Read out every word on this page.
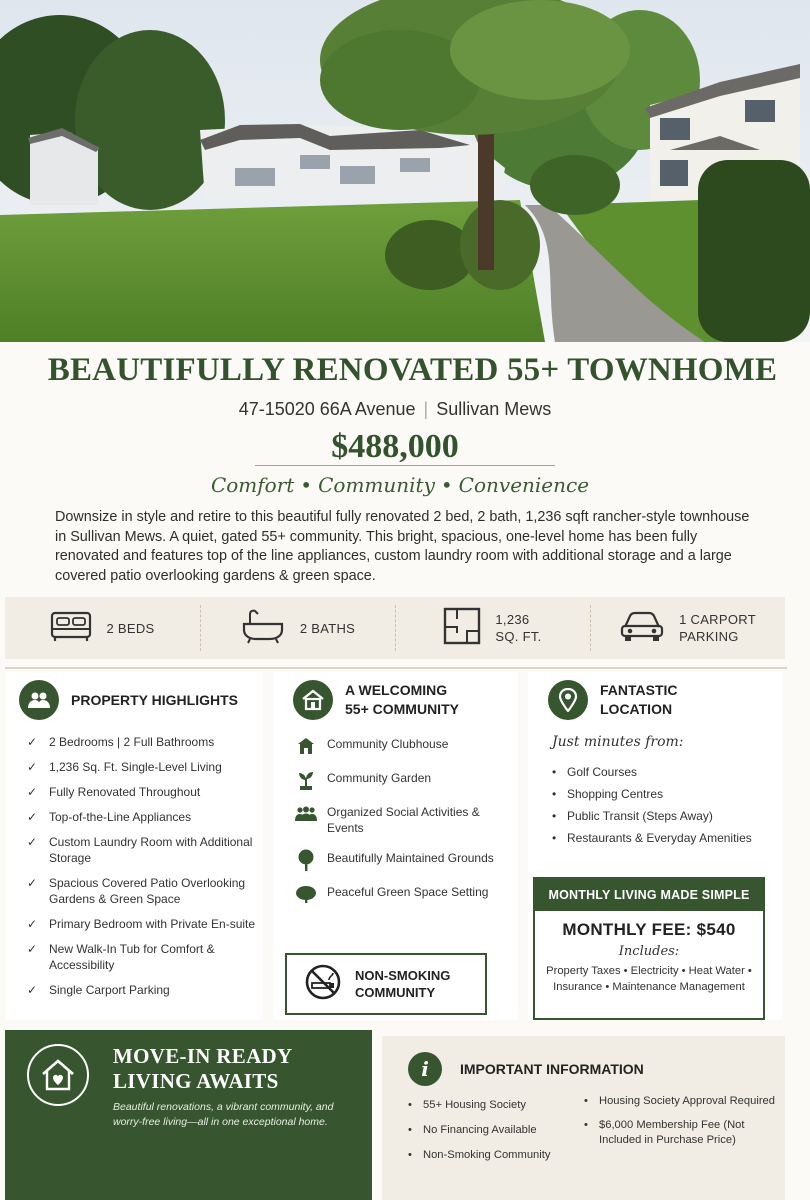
BEAUTIFULLY RENOVATED 55+ TOWNHOME
47-15020 66A Avenue | Sullivan Mews
$488,000
Comfort • Community • Convenience
Downsize in style and retire to this beautiful fully renovated 2 bed, 2 bath, 1,236 sqft rancher-style townhouse in Sullivan Mews. A quiet, gated 55+ community. This bright, spacious, one-level home has been fully renovated and features top of the line appliances, custom laundry room with additional storage and a large covered patio overlooking gardens & green space.
2 BEDS	2 BATHS
1,236
SQ. FT.
1 CARPORT
PARKING
PROPERTY HIGHLIGHTS
✓ 2 Bedrooms | 2 Full Bathrooms
✓ 1,236 Sq. Ft. Single-Level Living
✓ Fully Renovated Throughout
✓ Top-of-the-Line Appliances
✓ Custom Laundry Room with Additional Storage
✓ Spacious Covered Patio Overlooking Gardens & Green Space
✓ Primary Bedroom with Private En-suite
✓ New Walk-In Tub for Comfort & Accessibility
✓ Single Carport Parking
A WELCOMING
55+ COMMUNITY
Community Clubhouse
Community Garden
Organized Social Activities & Events
Beautifully Maintained Grounds
Peaceful Green Space Setting
NON-SMOKING
COMMUNITY
FANTASTIC
LOCATION
Just minutes from:
• Golf Courses
• Shopping Centres
• Public Transit (Steps Away)
• Restaurants & Everyday Amenities
MONTHLY LIVING MADE SIMPLE
MONTHLY FEE: $540
Includes:
Property Taxes • Electricity • Heat Water • Insurance • Maintenance Management
MOVE-IN READY
LIVING AWAITS

Beautiful renovations, a vibrant community, and worry-free living—all in one exceptional home.

i	IMPORTANT INFORMATION
• 55+ Housing Society
• No Financing Available
• Non-Smoking Community
• Housing Society Approval Required
• $6,000 Membership Fee (Not Included in Purchase Price)
